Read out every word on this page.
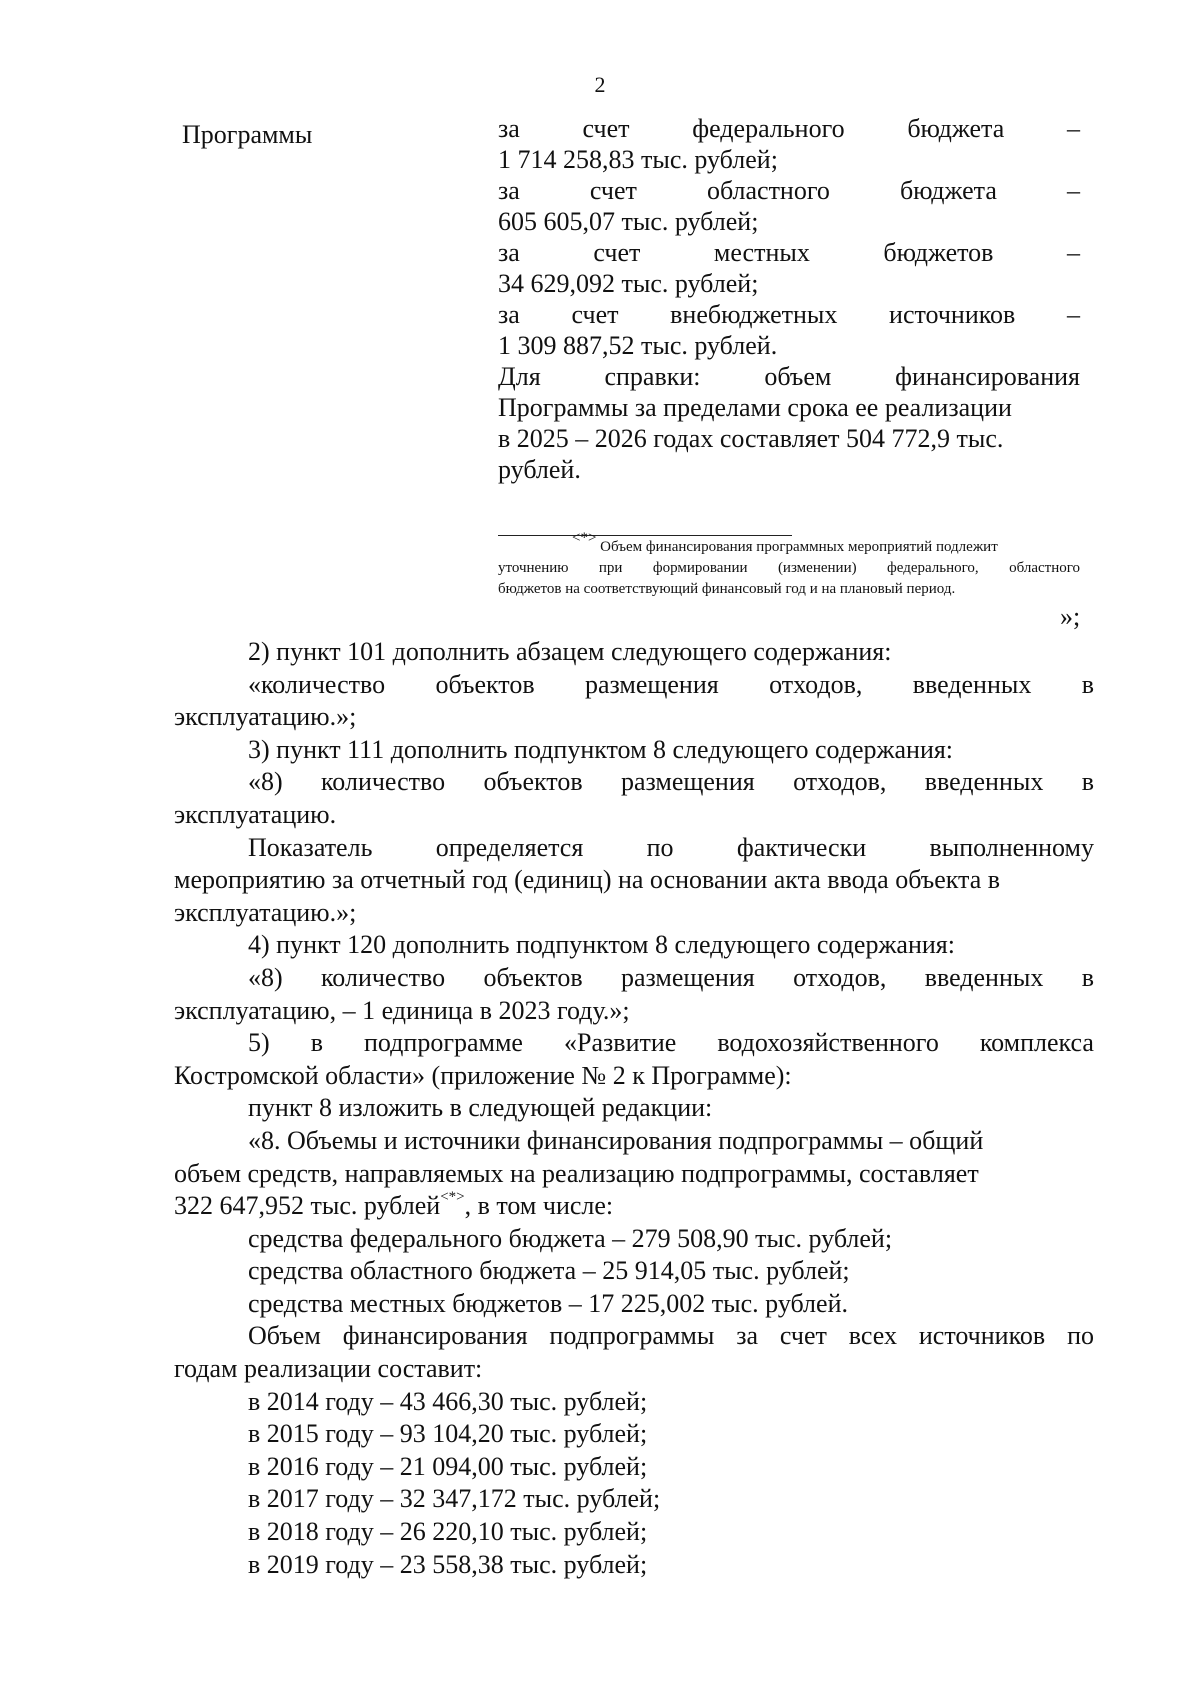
2
Программы	за счет федерального бюджета –
1 714 258,83 тыс. рублей;
за	счет	областного	бюджета	–
605 605,07 тыс. рублей;
за	счет	местных	бюджетов	–
34 629,092 тыс. рублей;
за счет внебюджетных источников –
1 309 887,52 тыс. рублей.
Для справки: объем финансирования
Программы за пределами срока ее реализации
в 2025 – 2026 годах составляет 504 772,9 тыс.
рублей.
<*> Объем финансирования программных мероприятий подлежит
уточнению при формировании (изменении) федерального, областного
бюджетов на соответствующий финансовый год и на плановый период.
»;
2) пункт 101 дополнить абзацем следующего содержания:
«количество объектов размещения отходов, введенных в
эксплуатацию.»;
3) пункт 111 дополнить подпунктом 8 следующего содержания:
«8) количество объектов размещения отходов, введенных в
эксплуатацию.
Показатель определяется по фактически выполненному
мероприятию за отчетный год (единиц) на основании акта ввода объекта в
эксплуатацию.»;
4) пункт 120 дополнить подпунктом 8 следующего содержания:
«8) количество объектов размещения отходов, введенных в
эксплуатацию, – 1 единица в 2023 году.»;
5) в подпрограмме «Развитие водохозяйственного комплекса
Костромской области» (приложение № 2 к Программе):
пункт 8 изложить в следующей редакции:
«8. Объемы и источники финансирования подпрограммы – общий
объем средств, направляемых на реализацию подпрограммы, составляет
322 647,952 тыс. рублей<*>, в том числе:
средства федерального бюджета – 279 508,90 тыс. рублей;
средства областного бюджета – 25 914,05 тыс. рублей;
средства местных бюджетов – 17 225,002 тыс. рублей.
Объем финансирования подпрограммы за счет всех источников по
годам реализации составит:
в 2014 году – 43 466,30 тыс. рублей;
в 2015 году – 93 104,20 тыс. рублей;
в 2016 году – 21 094,00 тыс. рублей;
в 2017 году – 32 347,172 тыс. рублей;
в 2018 году – 26 220,10 тыс. рублей;
в 2019 году – 23 558,38 тыс. рублей;
